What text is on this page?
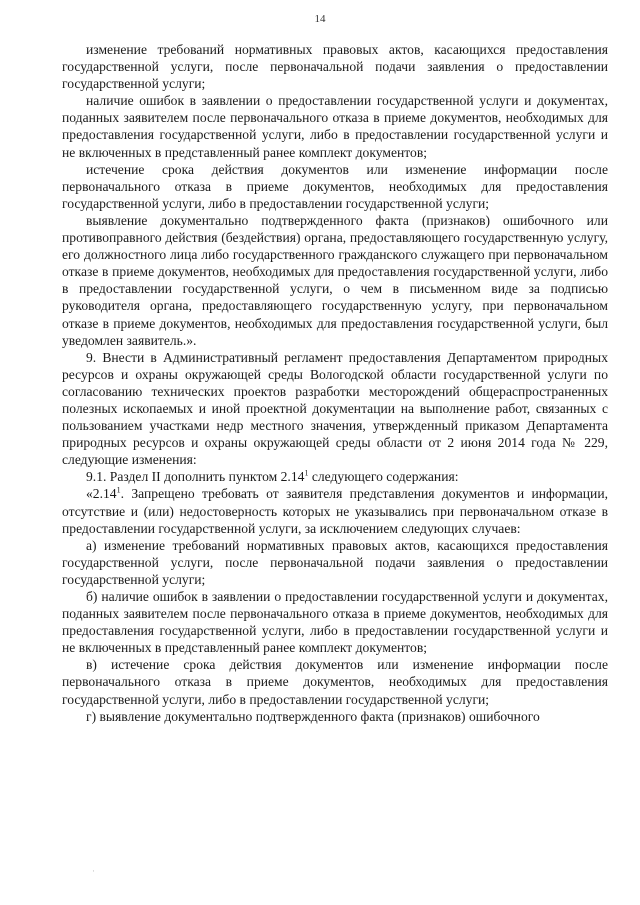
14

изменение требований нормативных правовых актов, касающихся предоставления государственной услуги, после первоначальной подачи заявления о предоставлении государственной услуги;

наличие ошибок в заявлении о предоставлении государственной услуги и документах, поданных заявителем после первоначального отказа в приеме документов, необходимых для предоставления государственной услуги, либо в предоставлении государственной услуги и не включенных в представленный ранее комплект документов;

истечение срока действия документов или изменение информации после первоначального отказа в приеме документов, необходимых для предоставления государственной услуги, либо в предоставлении государственной услуги;

выявление документально подтвержденного факта (признаков) ошибочного или противоправного действия (бездействия) органа, предоставляющего государственную услугу, его должностного лица либо государственного гражданского служащего при первоначальном отказе в приеме документов, необходимых для предоставления государственной услуги, либо в предоставлении государственной услуги, о чем в письменном виде за подписью руководителя органа, предоставляющего государственную услугу, при первоначальном отказе в приеме документов, необходимых для предоставления государственной услуги, был уведомлен заявитель.».

9. Внести в Административный регламент предоставления Департаментом природных ресурсов и охраны окружающей среды Вологодской области государственной услуги по согласованию технических проектов разработки месторождений общераспространенных полезных ископаемых и иной проектной документации на выполнение работ, связанных с пользованием участками недр местного значения, утвержденный приказом Департамента природных ресурсов и охраны окружающей среды области от 2 июня 2014 года № 229, следующие изменения:

9.1. Раздел II дополнить пунктом 2.14$^1$ следующего содержания:

«2.14$^1$. Запрещено требовать от заявителя представления документов и информации, отсутствие и (или) недостоверность которых не указывались при первоначальном отказе в предоставлении государственной услуги, за исключением следующих случаев:

а) изменение требований нормативных правовых актов, касающихся предоставления государственной услуги, после первоначальной подачи заявления о предоставлении государственной услуги;

б) наличие ошибок в заявлении о предоставлении государственной услуги и документах, поданных заявителем после первоначального отказа в приеме документов, необходимых для предоставления государственной услуги, либо в предоставлении государственной услуги и не включенных в представленный ранее комплект документов;

в) истечение срока действия документов или изменение информации после первоначального отказа в приеме документов, необходимых для предоставления государственной услуги, либо в предоставлении государственной услуги;

г) выявление документально подтвержденного факта (признаков) ошибочного

·
